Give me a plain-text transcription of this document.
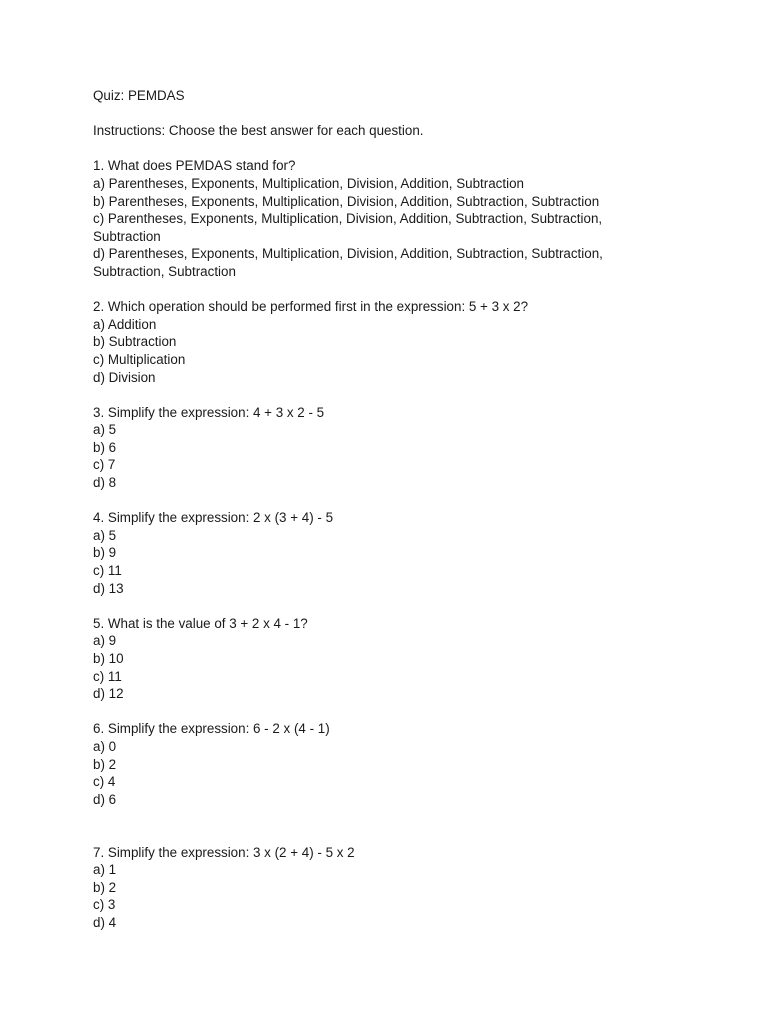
Quiz: PEMDAS
Instructions: Choose the best answer for each question.
1. What does PEMDAS stand for?
a) Parentheses, Exponents, Multiplication, Division, Addition, Subtraction
b) Parentheses, Exponents, Multiplication, Division, Addition, Subtraction, Subtraction
c) Parentheses, Exponents, Multiplication, Division, Addition, Subtraction, Subtraction, Subtraction
d) Parentheses, Exponents, Multiplication, Division, Addition, Subtraction, Subtraction, Subtraction, Subtraction
2. Which operation should be performed first in the expression: 5 + 3 x 2?
a) Addition
b) Subtraction
c) Multiplication
d) Division
3. Simplify the expression: 4 + 3 x 2 - 5
a) 5
b) 6
c) 7
d) 8
4. Simplify the expression: 2 x (3 + 4) - 5
a) 5
b) 9
c) 11
d) 13
5. What is the value of 3 + 2 x 4 - 1?
a) 9
b) 10
c) 11
d) 12
6. Simplify the expression: 6 - 2 x (4 - 1)
a) 0
b) 2
c) 4
d) 6
7. Simplify the expression: 3 x (2 + 4) - 5 x 2
a) 1
b) 2
c) 3
d) 4
